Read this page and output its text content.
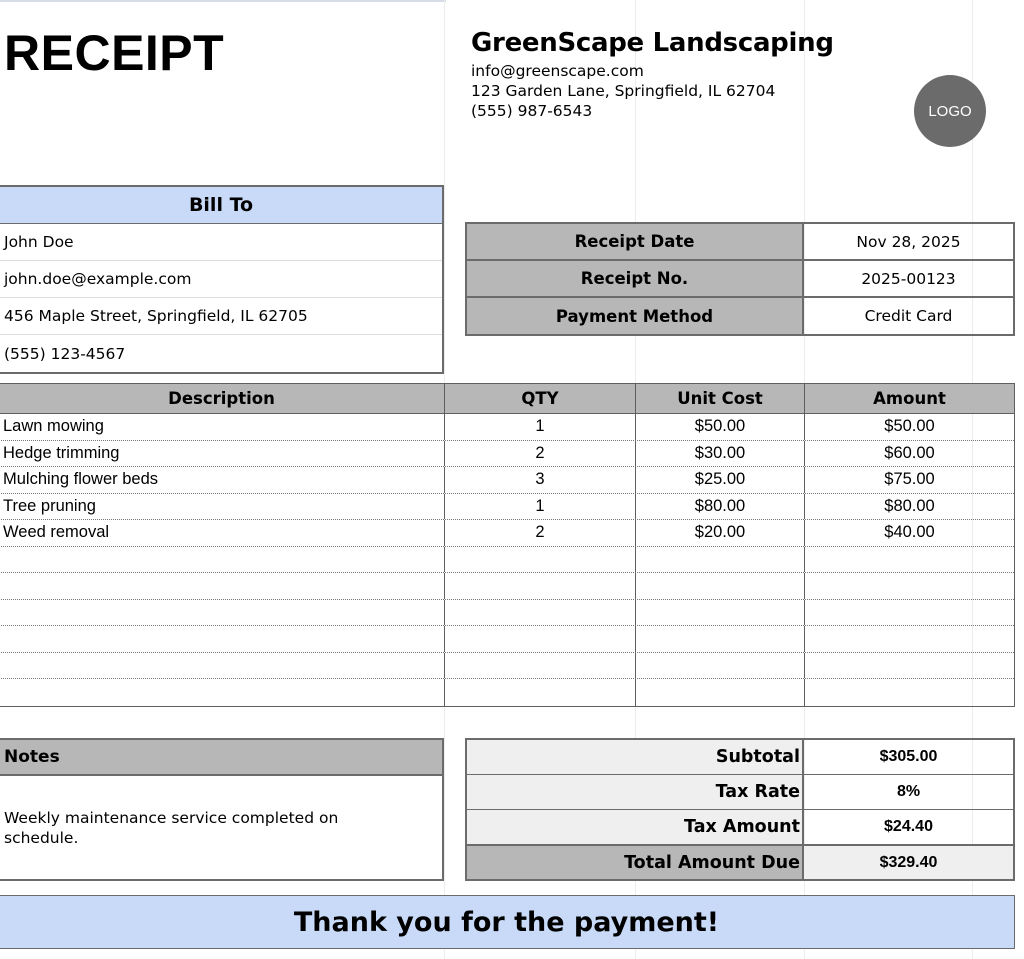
RECEIPT	GreenScape Landscaping
info@greenscape.com
123 Garden Lane, Springfield, IL 62704
(555) 987-6543	LOGO
Bill To
John Doe
john.doe@example.com
456 Maple Street, Springfield, IL 62705
(555) 123-4567
Receipt Date	Nov 28, 2025
Receipt No.	2025-00123
Payment Method	Credit Card
Description	QTY	Unit Cost	Amount
Lawn mowing	1	$50.00	$50.00
Hedge trimming	2	$30.00	$60.00
Mulching flower beds	3	$25.00	$75.00
Tree pruning	1	$80.00	$80.00
Weed removal	2	$20.00	$40.00
Notes
Weekly maintenance service completed on schedule.
Subtotal	$305.00
Tax Rate	8%
Tax Amount	$24.40
Total Amount Due	$329.40
Thank you for the payment!
